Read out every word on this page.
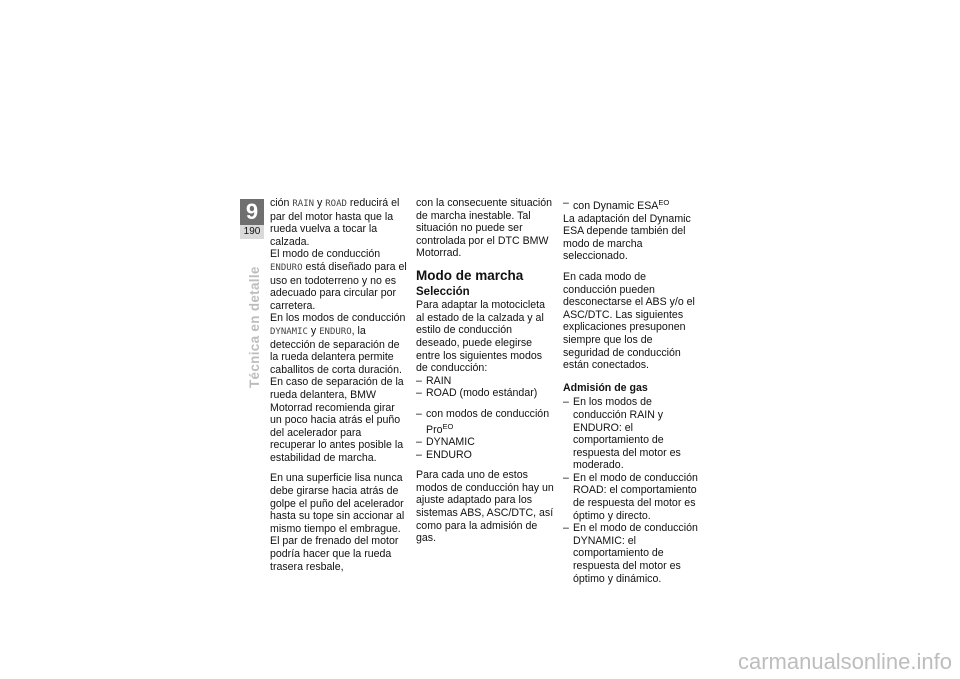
9
190
Técnica en detalle

ción RAIN y ROAD reducirá el par del motor hasta que la rueda vuelva a tocar la calzada.

El modo de conducción ENDURO está diseñado para el uso en todoterreno y no es adecuado para circular por carretera.

En los modos de conducción DYNAMIC y ENDURO, la detección de separación de la rueda delantera permite caballitos de corta duración.

En caso de separación de la rueda delantera, BMW Motorrad recomienda girar un poco hacia atrás el puño del acelerador para recuperar lo antes posible la estabilidad de marcha.

En una superficie lisa nunca debe girarse hacia atrás de golpe el puño del acelerador hasta su tope sin accionar al mismo tiempo el embrague. El par de frenado del motor podría hacer que la rueda trasera resbale,

con la consecuente situación de marcha inestable. Tal situación no puede ser controlada por el DTC BMW Motorrad.

Modo de marcha
Selección

Para adaptar la motocicleta al estado de la calzada y al estilo de conducción deseado, puede elegirse entre los siguientes modos de conducción:

– RAIN
– ROAD (modo estándar)
– con modos de conducción Pro$^{EO}$
– DYNAMIC
– ENDURO

Para cada uno de estos modos de conducción hay un ajuste adaptado para los sistemas ABS, ASC/DTC, así como para la admisión de gas.

– con Dynamic $ESA^{EO}$

La adaptación del Dynamic ESA depende también del modo de marcha seleccionado.

En cada modo de conducción pueden desconectarse el ABS y/o el ASC/DTC. Las siguientes explicaciones presuponen siempre que los de seguridad de conducción están conectados.

Admisión de gas
– En los modos de conducción RAIN y ENDURO: el comportamiento de respuesta del motor es moderado.
– En el modo de conducción ROAD: el comportamiento de respuesta del motor es óptimo y directo.
– En el modo de conducción DYNAMIC: el comportamiento de respuesta del motor es óptimo y dinámico.
carmanualsonline.info
